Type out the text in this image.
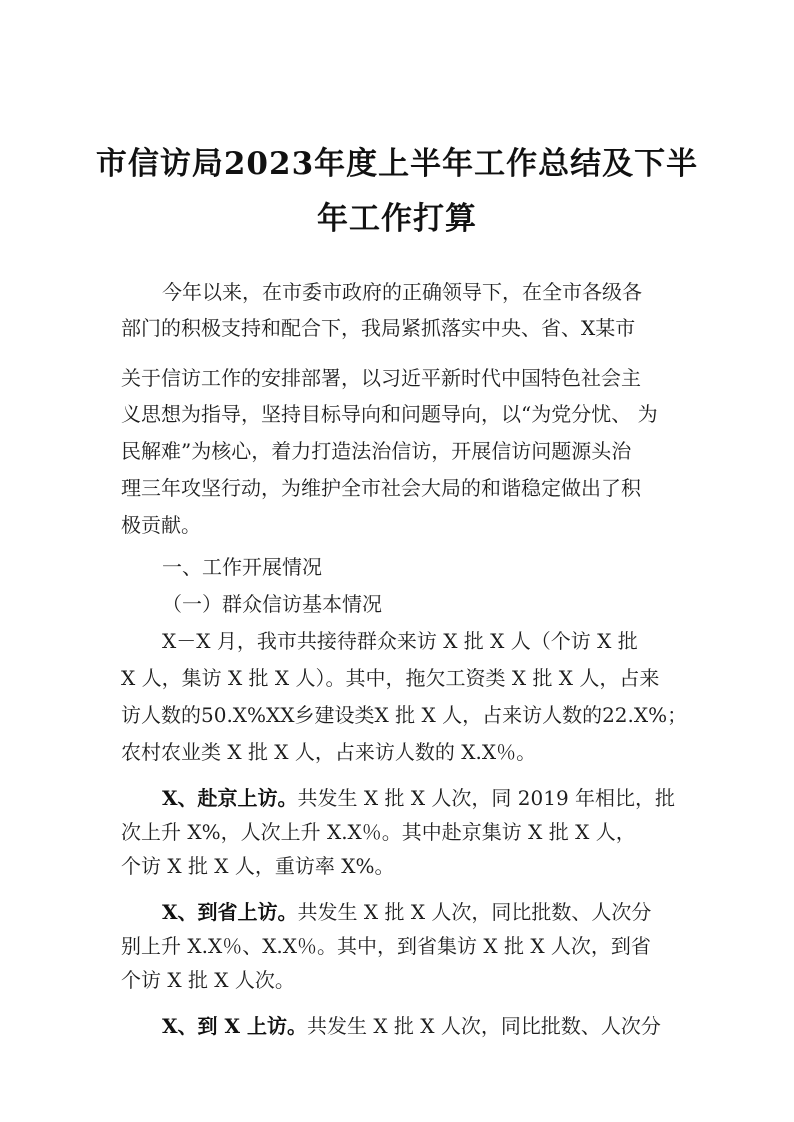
市信访局2023年度上半年工作总结及下半
年工作打算
今年以来，在市委市政府的正确领导下，在全市各级各
部门的积极支持和配合下，我局紧抓落实中央、省、X某市
关于信访工作的安排部署，以习近平新时代中国特色社会主
义思想为指导，坚持目标导向和问题导向，以“为党分忧、 为
民解难”为核心，着力打造法治信访，开展信访问题源头治
理三年攻坚行动，为维护全市社会大局的和谐稳定做出了积
极贡献。
一、工作开展情况
（一）群众信访基本情况
X－X 月，我市共接待群众来访 X 批 X 人（个访 X 批
X 人，集访 X 批 X 人）。其中，拖欠工资类 X 批 X 人，占来
访人数的50.X%XX乡建设类X 批 X 人，占来访人数的22.X%；
农村农业类 X 批 X 人，占来访人数的 X.X％。
X、赴京上访。共发生 X 批 X 人次，同 2019 年相比，批
次上升 X%，人次上升 X.X％。其中赴京集访 X 批 X 人，
个访 X 批 X 人，重访率 X%。
X、到省上访。共发生 X 批 X 人次，同比批数、人次分
别上升 X.X％、X.X％。其中，到省集访 X 批 X 人次，到省
个访 X 批 X 人次。
X、到 X 上访。共发生 X 批 X 人次，同比批数、人次分
